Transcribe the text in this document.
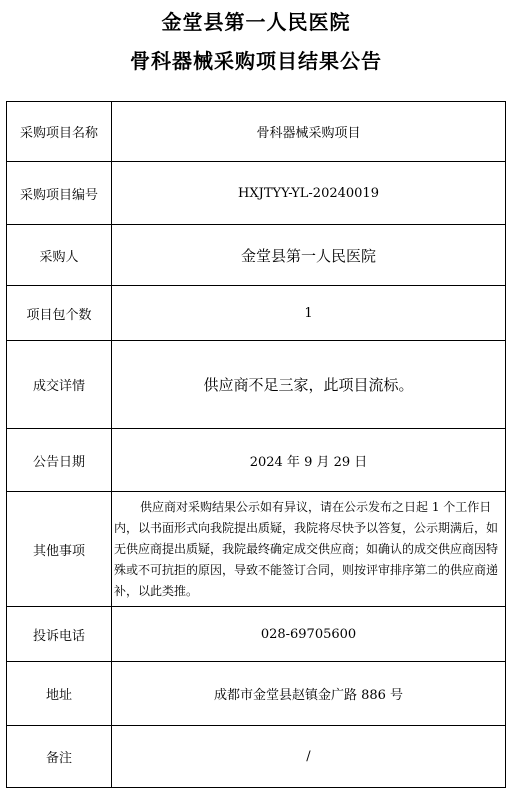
金堂县第一人民医院
骨科器械采购项目结果公告
采购项目名称	骨科器械采购项目
采购项目编号	HXJTYY-YL-20240019
采购人	金堂县第一人民医院
项目包个数	1
成交详情	供应商不足三家，此项目流标。
公告日期	2024 年 9 月 29 日
其他事项	供应商对采购结果公示如有异议，请在公示发布之日起 1 个工作日内，以书面形式向我院提出质疑，我院将尽快予以答复，公示期满后，如无供应商提出质疑，我院最终确定成交供应商；如确认的成交供应商因特殊或不可抗拒的原因，导致不能签订合同，则按评审排序第二的供应商递补，以此类推。
投诉电话	028-69705600
地址	成都市金堂县赵镇金广路 886 号
备注	/
